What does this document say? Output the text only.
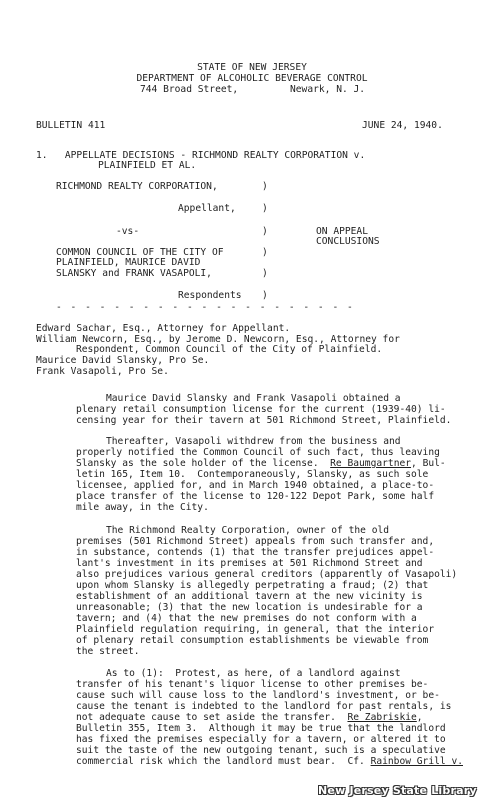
STATE OF NEW JERSEY
DEPARTMENT OF ALCOHOLIC BEVERAGE CONTROL
744 Broad Street,	Newark, N. J.
BULLETIN 411	JUNE 24, 1940.
1.   APPELLATE DECISIONS - RICHMOND REALTY CORPORATION v.
PLAINFIELD ET AL.
RICHMOND REALTY CORPORATION,	)
Appellant,	)
-vs-	)	ON APPEAL
CONCLUSIONS
COMMON COUNCIL OF THE CITY OF	)
PLAINFIELD, MAURICE DAVID
SLANSKY and FRANK VASAPOLI,	)
Respondents )
- - - - - - - - - - - - - - - - - - - - -
Edward Sachar, Esq., Attorney for Appellant.
William Newcorn, Esq., by Jerome D. Newcorn, Esq., Attorney for
Respondent, Common Council of the City of Plainfield.
Maurice David Slansky, Pro Se.
Frank Vasapoli, Pro Se.
Maurice David Slansky and Frank Vasapoli obtained a
plenary retail consumption license for the current (1939-40) li-
censing year for their tavern at 501 Richmond Street, Plainfield.
Thereafter, Vasapoli withdrew from the business and
properly notified the Common Council of such fact, thus leaving
Slansky as the sole holder of the license.  Re Baumgartner, Bul-
letin 165, Item 10.  Contemporaneously, Slansky, as such sole
licensee, applied for, and in March 1940 obtained, a place-to-
place transfer of the license to 120-122 Depot Park, some half
mile away, in the City.
The Richmond Realty Corporation, owner of the old
premises (501 Richmond Street) appeals from such transfer and,
in substance, contends (1) that the transfer prejudices appel-
lant's investment in its premises at 501 Richmond Street and
also prejudices various general creditors (apparently of Vasapoli)
upon whom Slansky is allegedly perpetrating a fraud; (2) that
establishment of an additional tavern at the new vicinity is
unreasonable; (3) that the new location is undesirable for a
tavern; and (4) that the new premises do not conform with a
Plainfield regulation requiring, in general, that the interior
of plenary retail consumption establishments be viewable from
the street.
As to (1):  Protest, as here, of a landlord against
transfer of his tenant's liquor license to other premises be-
cause such will cause loss to the landlord's investment, or be-
cause the tenant is indebted to the landlord for past rentals, is
not adequate cause to set aside the transfer.  Re Zabriskie,
Bulletin 355, Item 3.  Although it may be true that the landlord
has fixed the premises especially for a tavern, or altered it to
suit the taste of the new outgoing tenant, such is a speculative
commercial risk which the landlord must bear.  Cf. Rainbow Grill v.
New Jersey State Library
